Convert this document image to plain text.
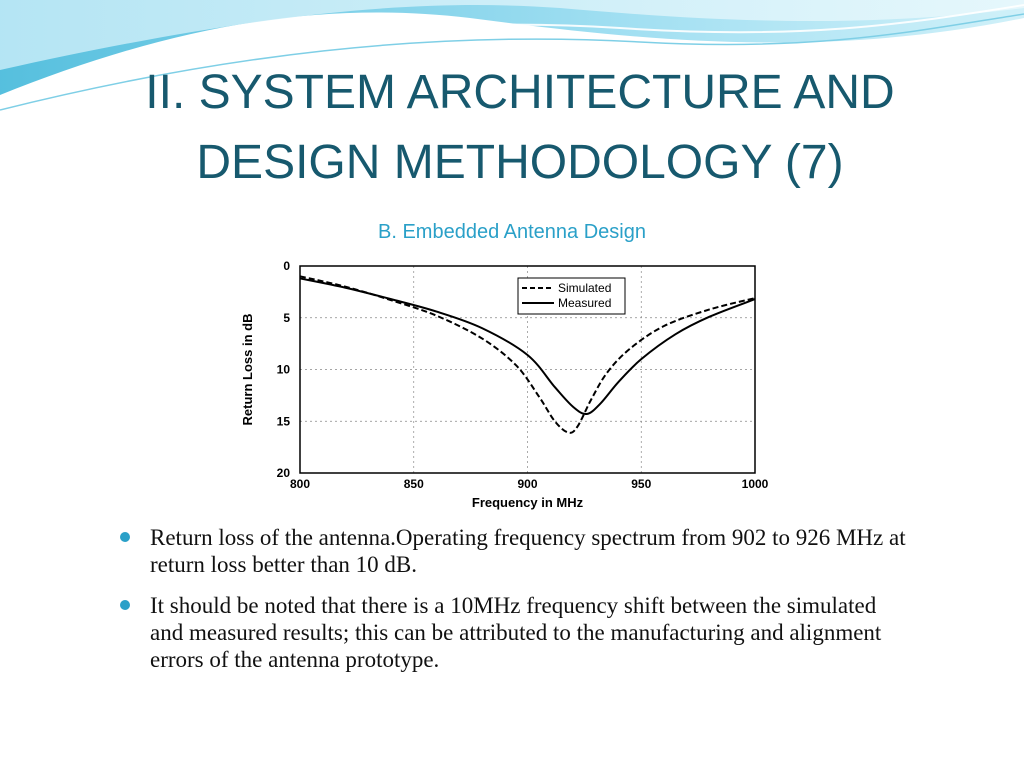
II. SYSTEM ARCHITECTURE AND
DESIGN METHODOLOGY (7)
B. Embedded Antenna Design
800	850	900	950	1000
0
5
10
15
20
Frequency in MHz
Return Loss in dB
Simulated
Measured
Return loss of the antenna.Operating frequency spectrum from 902 to 926 MHz at return loss better than 10 dB.
It should be noted that there is a 10MHz frequency shift between the simulated and measured results; this can be attributed to the manufacturing and alignment errors of the antenna prototype.
